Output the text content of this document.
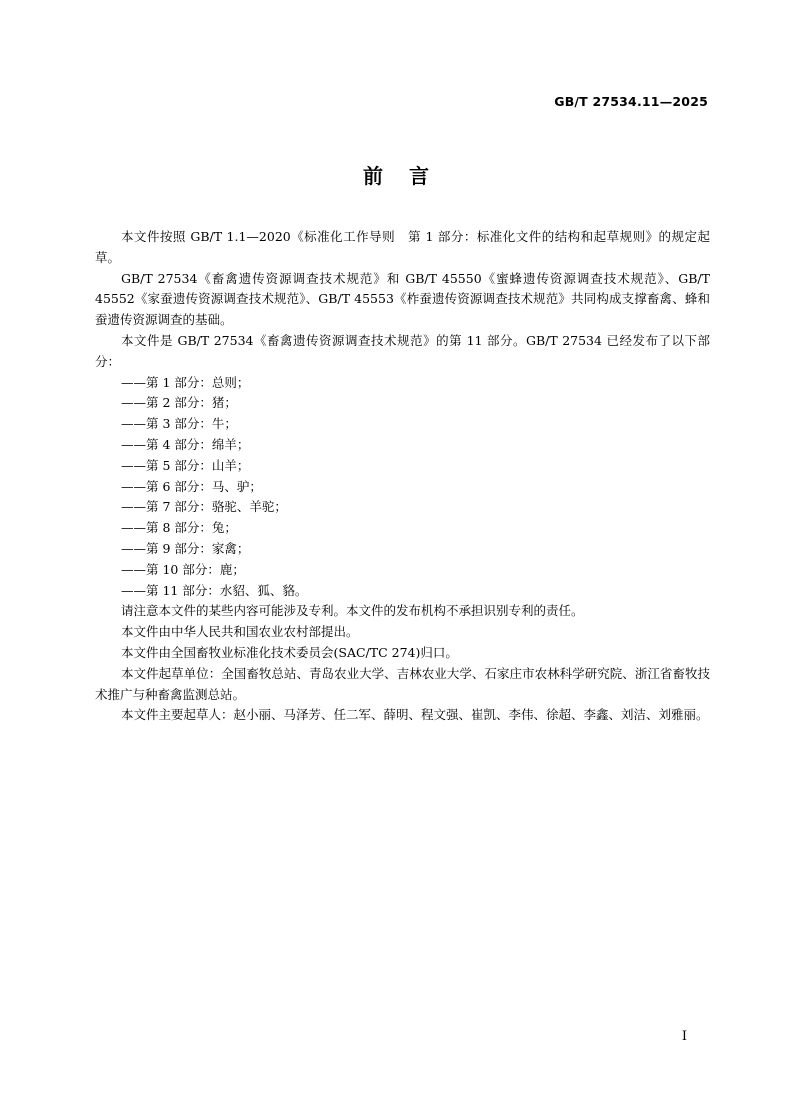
GB/T 27534.11—2025
前言

本文件按照 GB/T 1.1—2020《标准化工作导则　第 1 部分：标准化文件的结构和起草规则》的规定起草。

GB/T 27534《畜禽遗传资源调查技术规范》和 GB/T 45550《蜜蜂遗传资源调查技术规范》、GB/T 45552《家蚕遗传资源调查技术规范》、GB/T 45553《柞蚕遗传资源调查技术规范》共同构成支撑畜禽、蜂和蚕遗传资源调查的基础。

本文件是 GB/T 27534《畜禽遗传资源调查技术规范》的第 11 部分。GB/T 27534 已经发布了以下部分：

——第 1 部分：总则；
——第 2 部分：猪；
——第 3 部分：牛；
——第 4 部分：绵羊；
——第 5 部分：山羊；
——第 6 部分：马、驴；
——第 7 部分：骆驼、羊驼；
——第 8 部分：兔；
——第 9 部分：家禽；
——第 10 部分：鹿；
——第 11 部分：水貂、狐、貉。

请注意本文件的某些内容可能涉及专利。本文件的发布机构不承担识别专利的责任。

本文件由中华人民共和国农业农村部提出。

本文件由全国畜牧业标准化技术委员会(SAC/TC 274)归口。

本文件起草单位：全国畜牧总站、青岛农业大学、吉林农业大学、石家庄市农林科学研究院、浙江省畜牧技术推广与种畜禽监测总站。

本文件主要起草人：赵小丽、马泽芳、任二军、薛明、程文强、崔凯、李伟、徐超、李鑫、刘洁、刘雅丽。

Ⅰ
